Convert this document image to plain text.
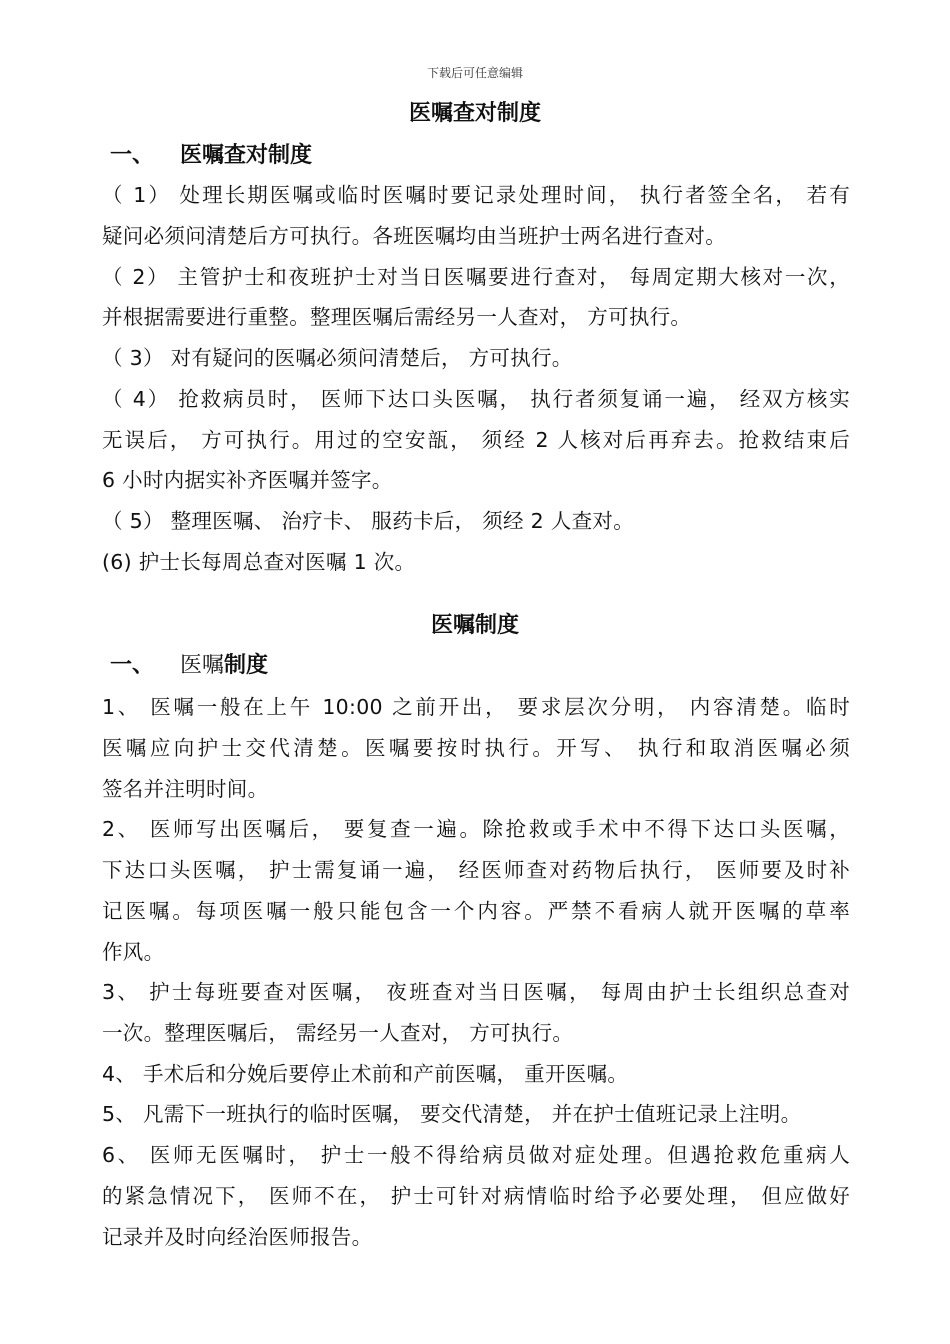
下载后可任意编辑
医嘱查对制度
一、 医嘱查对制度
（ 1） 处理长期医嘱或临时医嘱时要记录处理时间， 执行者签全名， 若有
疑问必须问清楚后方可执行。各班医嘱均由当班护士两名进行查对。
（ 2） 主管护士和夜班护士对当日医嘱要进行查对， 每周定期大核对一次，
并根据需要进行重整。整理医嘱后需经另一人查对， 方可执行。
（ 3） 对有疑问的医嘱必须问清楚后， 方可执行。
（ 4） 抢救病员时， 医师下达口头医嘱， 执行者须复诵一遍， 经双方核实
无误后， 方可执行。用过的空安瓿， 须经 2 人核对后再弃去。抢救结束后
6 小时内据实补齐医嘱并签字。
（ 5） 整理医嘱、 治疗卡、 服药卡后， 须经 2 人查对。
(6) 护士长每周总查对医嘱 1 次。
医嘱制度
一、 医嘱制度
1、 医嘱一般在上午 10:00 之前开出， 要求层次分明， 内容清楚。临时
医嘱应向护士交代清楚。医嘱要按时执行。开写、 执行和取消医嘱必须
签名并注明时间。
2、 医师写出医嘱后， 要复查一遍。除抢救或手术中不得下达口头医嘱，
下达口头医嘱， 护士需复诵一遍， 经医师查对药物后执行， 医师要及时补
记医嘱。每项医嘱一般只能包含一个内容。严禁不看病人就开医嘱的草率
作风。
3、 护士每班要查对医嘱， 夜班查对当日医嘱， 每周由护士长组织总查对
一次。整理医嘱后， 需经另一人查对， 方可执行。
4、 手术后和分娩后要停止术前和产前医嘱， 重开医嘱。
5、 凡需下一班执行的临时医嘱， 要交代清楚， 并在护士值班记录上注明。
6、 医师无医嘱时， 护士一般不得给病员做对症处理。但遇抢救危重病人
的紧急情况下， 医师不在， 护士可针对病情临时给予必要处理， 但应做好
记录并及时向经治医师报告。
